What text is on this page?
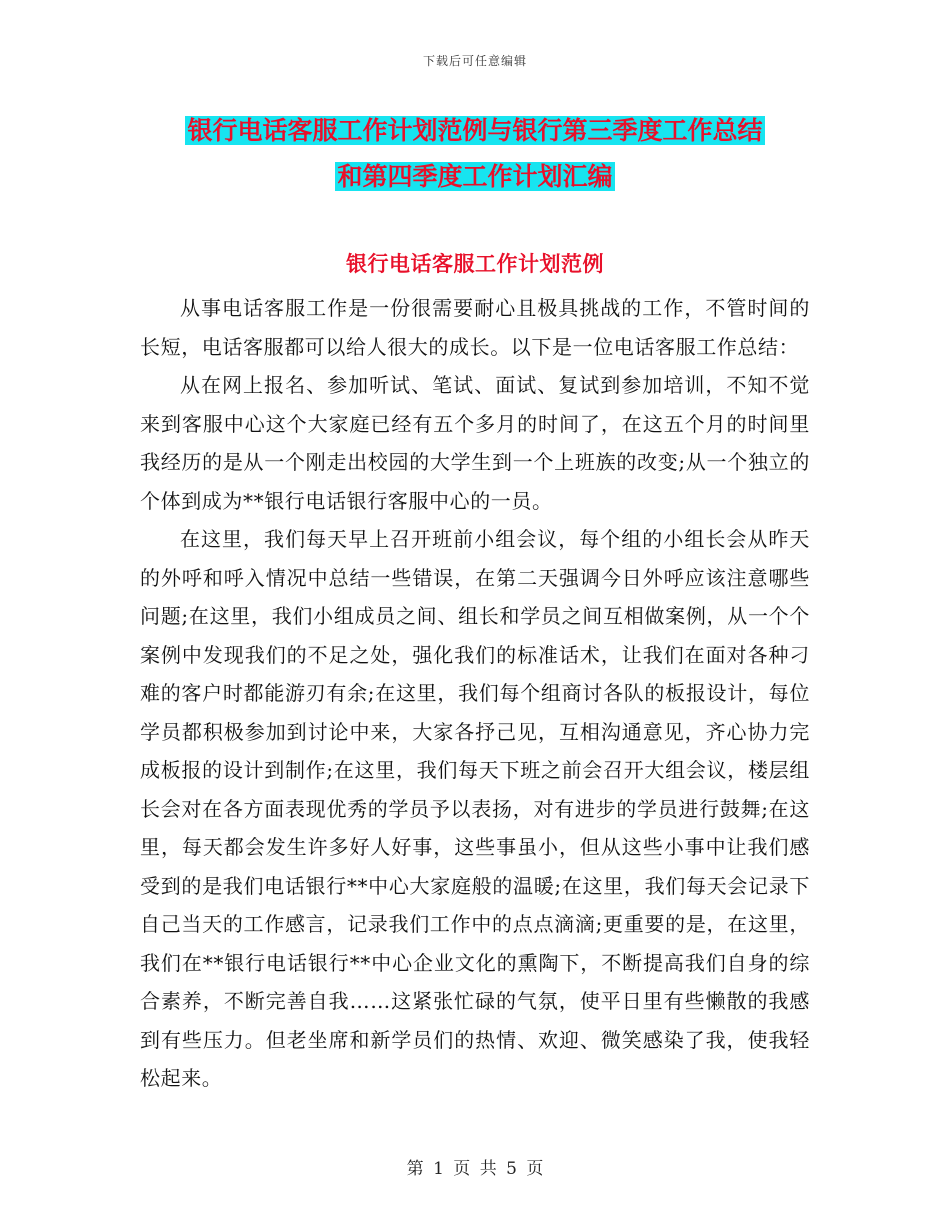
下载后可任意编辑
银行电话客服工作计划范例与银行第三季度工作总结
和第四季度工作计划汇编
银行电话客服工作计划范例

从事电话客服工作是一份很需要耐心且极具挑战的工作，不管时间的长短，电话客服都可以给人很大的成长。以下是一位电话客服工作总结：

从在网上报名、参加听试、笔试、面试、复试到参加培训，不知不觉来到客服中心这个大家庭已经有五个多月的时间了，在这五个月的时间里我经历的是从一个刚走出校园的大学生到一个上班族的改变;从一个独立的个体到成为**银行电话银行客服中心的一员。

在这里，我们每天早上召开班前小组会议，每个组的小组长会从昨天的外呼和呼入情况中总结一些错误，在第二天强调今日外呼应该注意哪些问题;在这里，我们小组成员之间、组长和学员之间互相做案例，从一个个案例中发现我们的不足之处，强化我们的标准话术，让我们在面对各种刁难的客户时都能游刃有余;在这里，我们每个组商讨各队的板报设计，每位学员都积极参加到讨论中来，大家各抒己见，互相沟通意见，齐心协力完成板报的设计到制作;在这里，我们每天下班之前会召开大组会议，楼层组长会对在各方面表现优秀的学员予以表扬，对有进步的学员进行鼓舞;在这里，每天都会发生许多好人好事，这些事虽小，但从这些小事中让我们感受到的是我们电话银行**中心大家庭般的温暖;在这里，我们每天会记录下自己当天的工作感言，记录我们工作中的点点滴滴;更重要的是，在这里，我们在**银行电话银行**中心企业文化的熏陶下，不断提高我们自身的综合素养，不断完善自我……这紧张忙碌的气氛，使平日里有些懒散的我感到有些压力。但老坐席和新学员们的热情、欢迎、微笑感染了我，使我轻松起来。

第 1 页 共 5 页
